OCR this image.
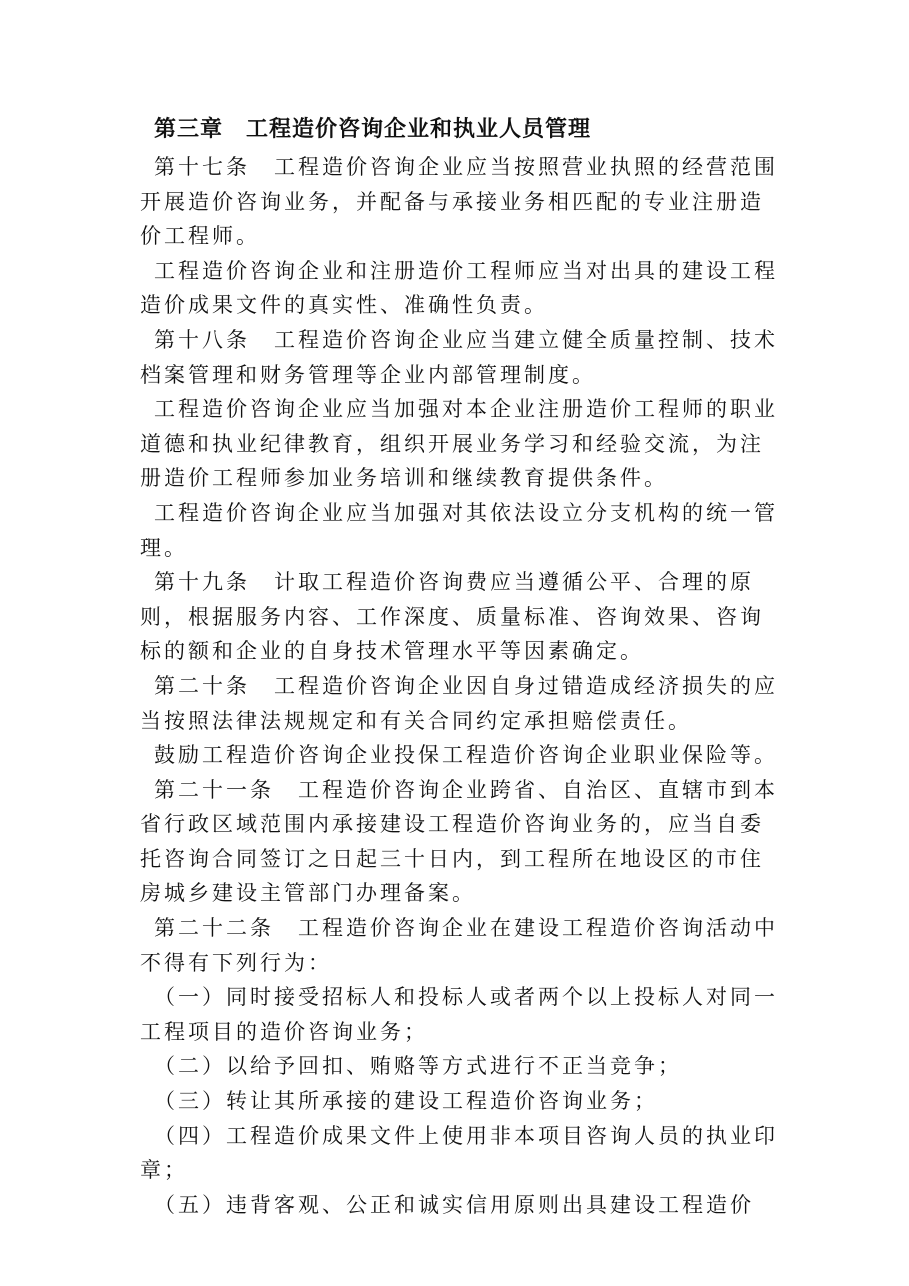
第三章　工程造价咨询企业和执业人员管理

第十七条　工程造价咨询企业应当按照营业执照的经营范围开展造价咨询业务，并配备与承接业务相匹配的专业注册造价工程师。

工程造价咨询企业和注册造价工程师应当对出具的建设工程造价成果文件的真实性、准确性负责。

第十八条　工程造价咨询企业应当建立健全质量控制、技术档案管理和财务管理等企业内部管理制度。

工程造价咨询企业应当加强对本企业注册造价工程师的职业道德和执业纪律教育，组织开展业务学习和经验交流，为注册造价工程师参加业务培训和继续教育提供条件。

工程造价咨询企业应当加强对其依法设立分支机构的统一管理。

第十九条　计取工程造价咨询费应当遵循公平、合理的原则，根据服务内容、工作深度、质量标准、咨询效果、咨询标的额和企业的自身技术管理水平等因素确定。

第二十条　工程造价咨询企业因自身过错造成经济损失的应当按照法律法规规定和有关合同约定承担赔偿责任。

鼓励工程造价咨询企业投保工程造价咨询企业职业保险等。

第二十一条　工程造价咨询企业跨省、自治区、直辖市到本省行政区域范围内承接建设工程造价咨询业务的，应当自委托咨询合同签订之日起三十日内，到工程所在地设区的市住房城乡建设主管部门办理备案。

第二十二条　工程造价咨询企业在建设工程造价咨询活动中不得有下列行为：

（一）同时接受招标人和投标人或者两个以上投标人对同一工程项目的造价咨询业务；

（二）以给予回扣、贿赂等方式进行不正当竞争；

（三）转让其所承接的建设工程造价咨询业务；

（四）工程造价成果文件上使用非本项目咨询人员的执业印章；

（五）违背客观、公正和诚实信用原则出具建设工程造价
